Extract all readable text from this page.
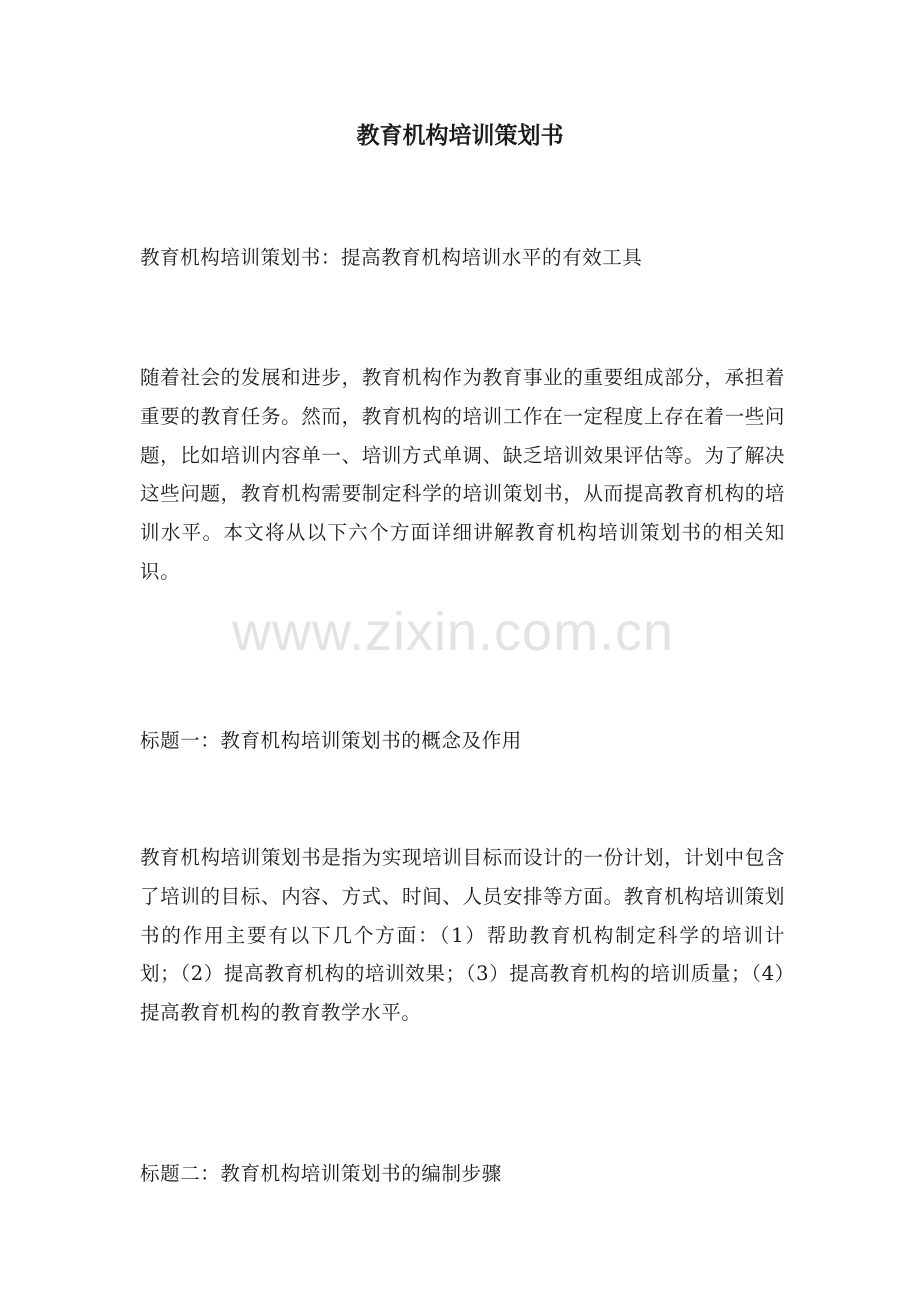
教育机构培训策划书

教育机构培训策划书：提高教育机构培训水平的有效工具

随着社会的发展和进步，教育机构作为教育事业的重要组成部分，承担着重要的教育任务。然而，教育机构的培训工作在一定程度上存在着一些问题，比如培训内容单一、培训方式单调、缺乏培训效果评估等。为了解决这些问题，教育机构需要制定科学的培训策划书，从而提高教育机构的培训水平。本文将从以下六个方面详细讲解教育机构培训策划书的相关知识。

www.zixin.com.cn

标题一：教育机构培训策划书的概念及作用

教育机构培训策划书是指为实现培训目标而设计的一份计划，计划中包含了培训的目标、内容、方式、时间、人员安排等方面。教育机构培训策划书的作用主要有以下几个方面：（1）帮助教育机构制定科学的培训计划；（2）提高教育机构的培训效果；（3）提高教育机构的培训质量；（4）提高教育机构的教育教学水平。

标题二：教育机构培训策划书的编制步骤
